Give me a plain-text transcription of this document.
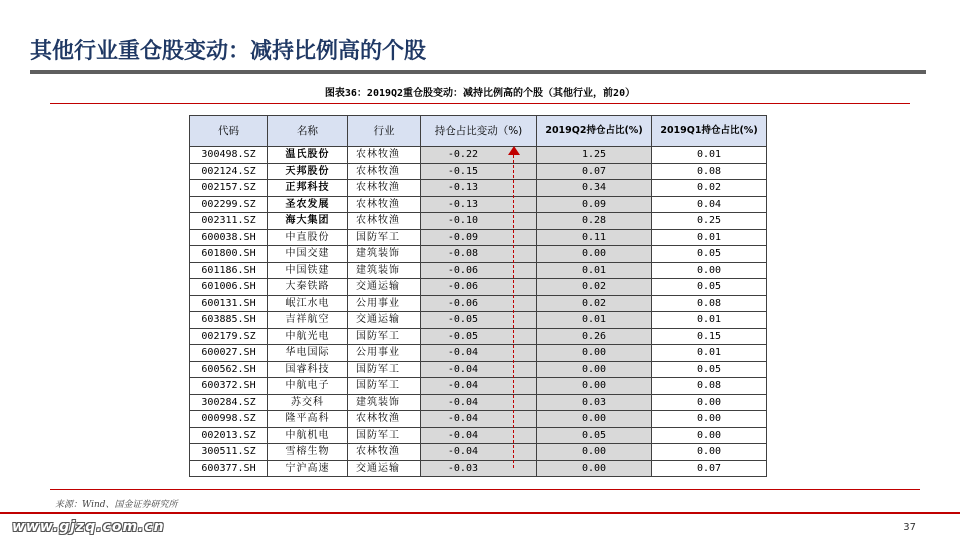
其他行业重仓股变动：减持比例高的个股
图表36：2019Q2重仓股变动：减持比例高的个股（其他行业，前20）
代码	名称	行业	持仓占比变动（%)	2019Q2持仓占比(%)	2019Q1持仓占比(%)
300498.SZ	温氏股份	农林牧渔	-0.22	1.25	0.01
002124.SZ	天邦股份	农林牧渔	-0.15	0.07	0.08
002157.SZ	正邦科技	农林牧渔	-0.13	0.34	0.02
002299.SZ	圣农发展	农林牧渔	-0.13	0.09	0.04
002311.SZ	海大集团	农林牧渔	-0.10	0.28	0.25
600038.SH	中直股份	国防军工	-0.09	0.11	0.01
601800.SH	中国交建	建筑装饰	-0.08	0.00	0.05
601186.SH	中国铁建	建筑装饰	-0.06	0.01	0.00
601006.SH	大秦铁路	交通运输	-0.06	0.02	0.05
600131.SH	岷江水电	公用事业	-0.06	0.02	0.08
603885.SH	吉祥航空	交通运输	-0.05	0.01	0.01
002179.SZ	中航光电	国防军工	-0.05	0.26	0.15
600027.SH	华电国际	公用事业	-0.04	0.00	0.01
600562.SH	国睿科技	国防军工	-0.04	0.00	0.05
600372.SH	中航电子	国防军工	-0.04	0.00	0.08
300284.SZ	苏交科	建筑装饰	-0.04	0.03	0.00
000998.SZ	隆平高科	农林牧渔	-0.04	0.00	0.00
002013.SZ	中航机电	国防军工	-0.04	0.05	0.00
300511.SZ	雪榕生物	农林牧渔	-0.04	0.00	0.00
600377.SH	宁沪高速	交通运输	-0.03	0.00	0.07
来源：Wind、国金证券研究所
www.gjzq.com.cn	37
